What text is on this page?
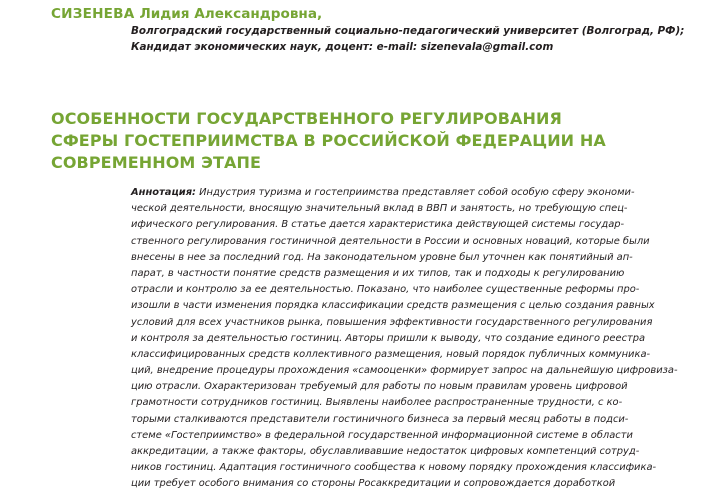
СИЗЕНЕВА Лидия Александровна,
Волгоградский государственный социально-педагогический университет (Волгоград, РФ);
Кандидат экономических наук, доцент: e-mail: sizenevala@gmail.com
ОСОБЕННОСТИ ГОСУДАРСТВЕННОГО РЕГУЛИРОВАНИЯ
СФЕРЫ ГОСТЕПРИИМСТВА В РОССИЙСКОЙ ФЕДЕРАЦИИ НА
СОВРЕМЕННОМ ЭТАПЕ
Аннотация: Индустрия туризма и гостеприимства представляет собой особую сферу экономи-
ческой деятельности, вносящую значительный вклад в ВВП и занятость, но требующую спец-
ифического регулирования. В статье дается характеристика действующей системы государ-
ственного регулирования гостиничной деятельности в России и основных новаций, которые были
внесены в нее за последний год. На законодательном уровне был уточнен как понятийный ап-
парат, в частности понятие средств размещения и их типов, так и подходы к регулированию
отрасли и контролю за ее деятельностью. Показано, что наиболее существенные реформы про-
изошли в части изменения порядка классификации средств размещения с целью создания равных
условий для всех участников рынка, повышения эффективности государственного регулирования
и контроля за деятельностью гостиниц. Авторы пришли к выводу, что создание единого реестра
классифицированных средств коллективного размещения, новый порядок публичных коммуника-
ций, внедрение процедуры прохождения «самооценки» формирует запрос на дальнейшую цифровиза-
цию отрасли. Охарактеризован требуемый для работы по новым правилам уровень цифровой
грамотности сотрудников гостиниц. Выявлены наиболее распространенные трудности, с ко-
торыми сталкиваются представители гостиничного бизнеса за первый месяц работы в подси-
стеме «Гостеприимство» в федеральной государственной информационной системе в области
аккредитации, а также факторы, обуславливавшие недостаток цифровых компетенций сотруд-
ников гостиниц. Адаптация гостиничного сообщества к новому порядку прохождения классифика-
ции требует особого внимания со стороны Росаккредитации и сопровождается доработкой
